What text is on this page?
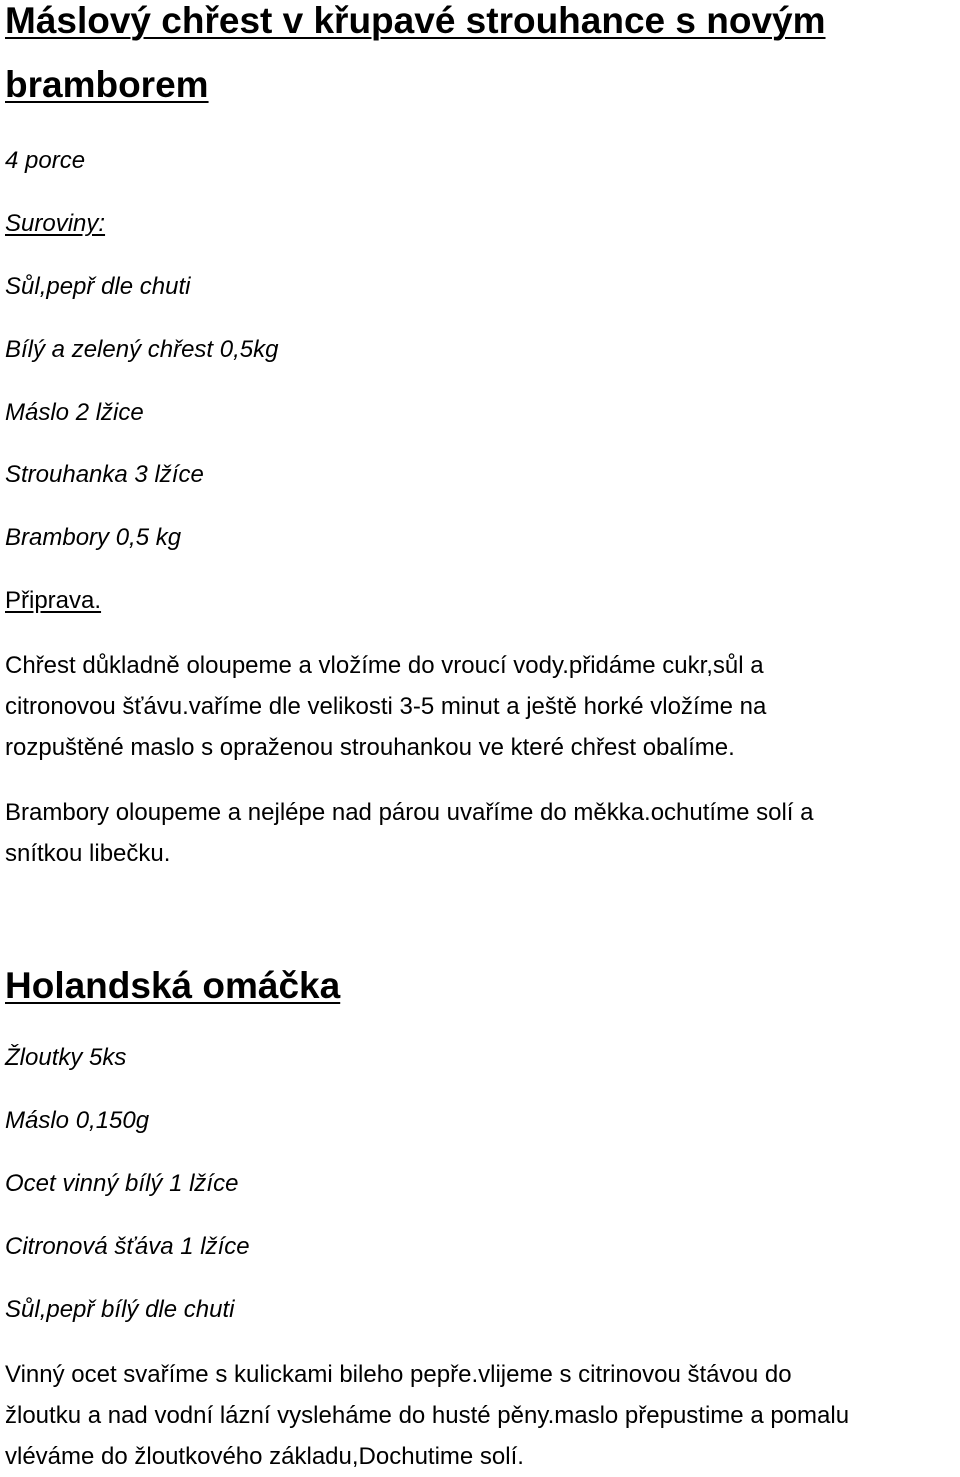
Máslový chřest v křupavé strouhance s novým
bramborem
4 porce
Suroviny:
Sůl,pepř dle chuti
Bílý a zelený chřest 0,5kg
Máslo 2 lžice
Strouhanka 3 lžíce
Brambory 0,5 kg
Připrava.
Chřest důkladně oloupeme a vložíme do vroucí vody.přidáme cukr,sůl a
citronovou šťávu.vaříme dle velikosti 3-5 minut a ještě horké vložíme na
rozpuštěné maslo s opraženou strouhankou ve které chřest obalíme.
Brambory oloupeme a nejlépe nad párou uvaříme do měkka.ochutíme solí a
snítkou libečku.
Holandská omáčka
Žloutky 5ks
Máslo 0,150g
Ocet vinný bílý 1 lžíce
Citronová šťáva 1 lžíce
Sůl,pepř bílý dle chuti
Vinný ocet svaříme s kulickami bileho pepře.vlijeme s citrinovou štávou do
žloutku a nad vodní lázní vysleháme do husté pěny.maslo přepustime a pomalu
vléváme do žloutkového základu,Dochutime solí.
